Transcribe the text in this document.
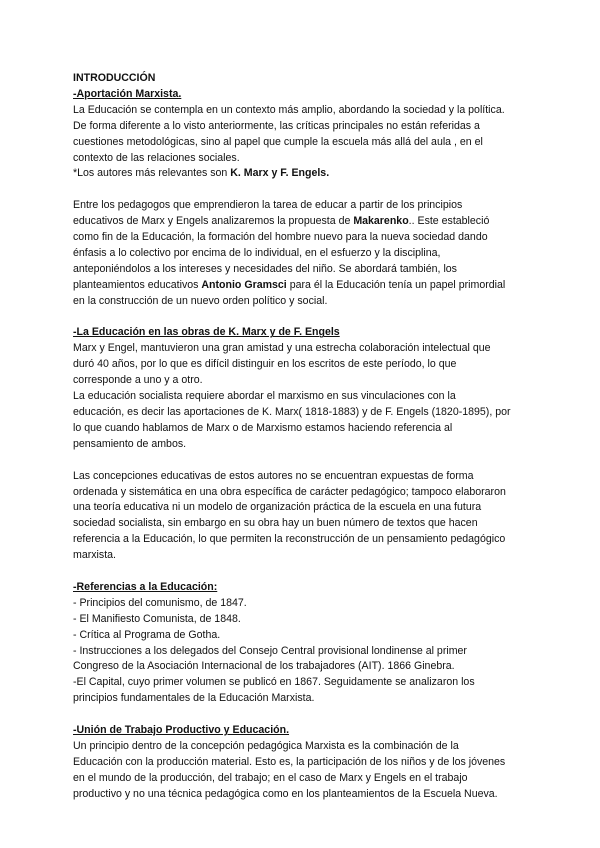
INTRODUCCIÓN
-Aportación Marxista.
La Educación se contempla en un contexto más amplio, abordando la sociedad y la política.
De forma diferente a lo visto anteriormente, las críticas principales no están referidas a
cuestiones metodológicas, sino al papel que cumple la escuela más allá del aula , en el
contexto de las relaciones sociales.
*Los autores más relevantes son K. Marx y F. Engels.
Entre los pedagogos que emprendieron la tarea de educar a partir de los principios
educativos de Marx y Engels analizaremos la propuesta de Makarenko.. Este estableció
como fin de la Educación, la formación del hombre nuevo para la nueva sociedad dando
énfasis a lo colectivo por encima de lo individual, en el esfuerzo y la disciplina,
anteponiéndolos a los intereses y necesidades del niño. Se abordará también, los
planteamientos educativos Antonio Gramsci para él la Educación tenía un papel primordial
en la construcción de un nuevo orden político y social.
-La Educación en las obras de K. Marx y de F. Engels
Marx y Engel, mantuvieron una gran amistad y una estrecha colaboración intelectual que
duró 40 años, por lo que es difícil distinguir en los escritos de este período, lo que
corresponde a uno y a otro.
La educación socialista requiere abordar el marxismo en sus vinculaciones con la
educación, es decir las aportaciones de K. Marx( 1818-1883) y de F. Engels (1820-1895), por
lo que cuando hablamos de Marx o de Marxismo estamos haciendo referencia al
pensamiento de ambos.
Las concepciones educativas de estos autores no se encuentran expuestas de forma
ordenada y sistemática en una obra específica de carácter pedagógico; tampoco elaboraron
una teoría educativa ni un modelo de organización práctica de la escuela en una futura
sociedad socialista, sin embargo en su obra hay un buen número de textos que hacen
referencia a la Educación, lo que permiten la reconstrucción de un pensamiento pedagógico
marxista.
-Referencias a la Educación:
- Principios del comunismo, de 1847.
- El Manifiesto Comunista, de 1848.
- Crítica al Programa de Gotha.
- Instrucciones a los delegados del Consejo Central provisional londinense al primer
Congreso de la Asociación Internacional de los trabajadores (AIT). 1866 Ginebra.
-El Capital, cuyo primer volumen se publicó en 1867. Seguidamente se analizaron los
principios fundamentales de la Educación Marxista.
-Unión de Trabajo Productivo y Educación.
Un principio dentro de la concepción pedagógica Marxista es la combinación de la
Educación con la producción material. Esto es, la participación de los niños y de los jóvenes
en el mundo de la producción, del trabajo; en el caso de Marx y Engels en el trabajo
productivo y no una técnica pedagógica como en los planteamientos de la Escuela Nueva.
